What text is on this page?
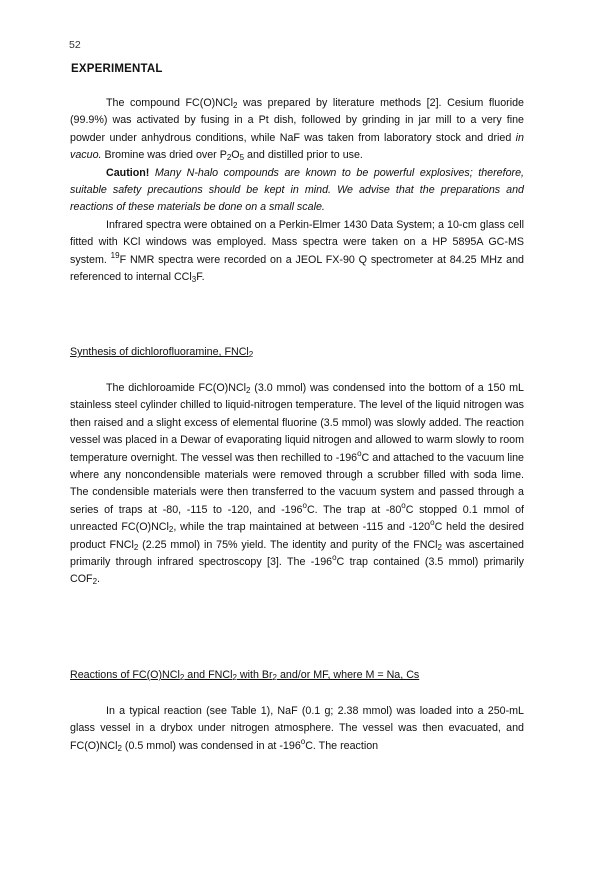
52
EXPERIMENTAL

The compound FC(O)NCl$_2$ was prepared by literature methods [2]. Cesium fluoride (99.9%) was activated by fusing in a Pt dish, followed by grinding in jar mill to a very fine powder under anhydrous conditions, while NaF was taken from laboratory stock and dried in vacuo. Bromine was dried over $P_2O_5$ and distilled prior to use.

Caution! Many N-halo compounds are known to be powerful explosives; therefore, suitable safety precautions should be kept in mind. We advise that the preparations and reactions of these materials be done on a small scale.

Infrared spectra were obtained on a Perkin-Elmer 1430 Data System; a 10-cm glass cell fitted with KCl windows was employed. Mass spectra were taken on a HP 5895A GC-MS system. $^{19}$F NMR spectra were recorded on a JEOL FX-90 Q spectrometer at 84.25 MHz and referenced to internal CCl$_3$F.

Synthesis of dichlorofluoramine, FNCl$_2$

The dichloroamide FC(O)NCl$_2$ (3.0 mmol) was condensed into the bottom of a 150 mL stainless steel cylinder chilled to liquid-nitrogen temperature. The level of the liquid nitrogen was then raised and a slight excess of elemental fluorine (3.5 mmol) was slowly added. The reaction vessel was placed in a Dewar of evaporating liquid nitrogen and allowed to warm slowly to room temperature overnight. The vessel was then rechilled to -196$^o$C and attached to the vacuum line where any noncondensible materials were removed through a scrubber filled with soda lime. The condensible materials were then transferred to the vacuum system and passed through a series of traps at -80, -115 to -120, and -196$^o$C. The trap at -80$^o$C stopped 0.1 mmol of unreacted FC(O)NCl$_2$, while the trap maintained at between -115 and -120$^o$C held the desired product FNCl$_2$ (2.25 mmol) in 75% yield. The identity and purity of the FNCl$_2$ was ascertained primarily through infrared spectroscopy [3]. The -196$^o$C trap contained (3.5 mmol) primarily $COF_2$.

Reactions of FC(O)NCl$_2$ and FNCl$_2$ with $Br_2$ and/or MF, where M = Na, Cs

In a typical reaction (see Table 1), NaF (0.1 g; 2.38 mmol) was loaded into a 250-mL glass vessel in a drybox under nitrogen atmosphere. The vessel was then evacuated, and FC(O)NCl$_2$ (0.5 mmol) was condensed in at -196$^o$C. The reaction
